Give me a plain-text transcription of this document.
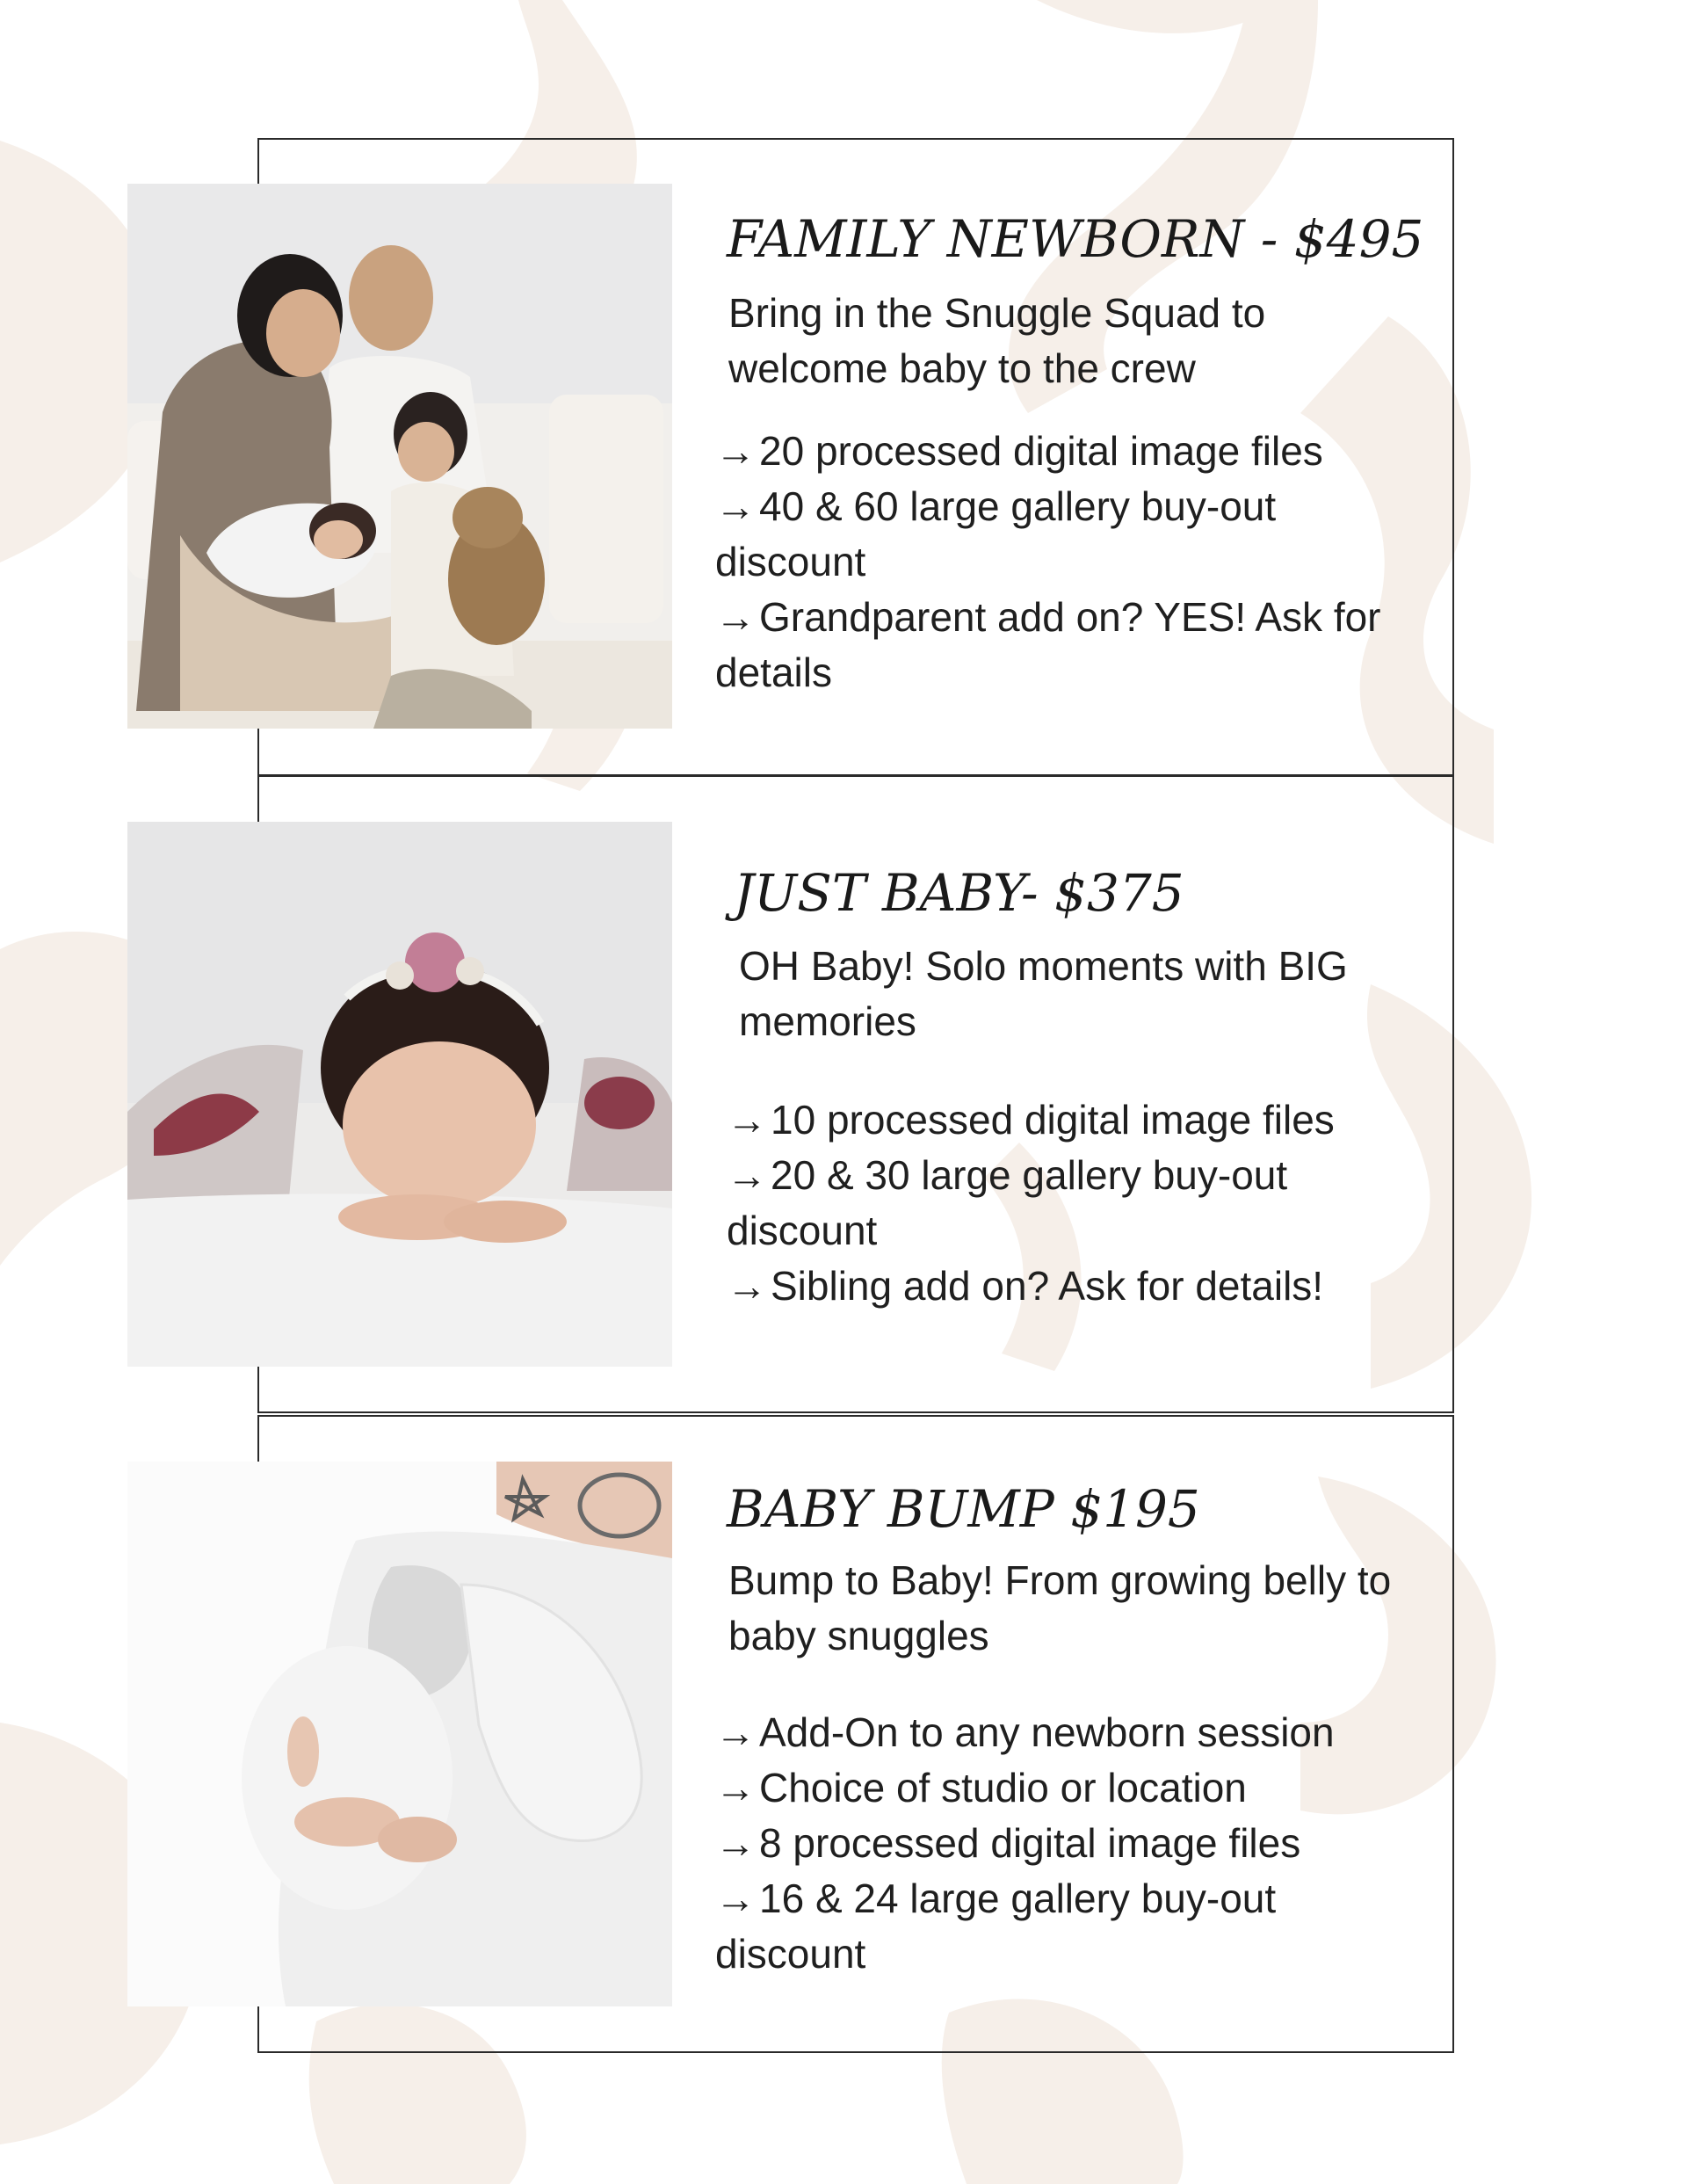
FAMILY NEWBORN - $495

Bring in the Snuggle Squad to welcome baby to the crew

→20 processed digital image files
→40 & 60 large gallery buy-out discount
→Grandparent add on? YES! Ask for details
JUST BABY- $375

OH Baby! Solo moments with BIG memories

→10 processed digital image files
→20 & 30 large gallery buy-out discount
→Sibling add on? Ask for details!
BABY BUMP $195

Bump to Baby! From growing belly to baby snuggles

→Add-On to any newborn session
→Choice of studio or location
→8 processed digital image files
→16 & 24 large gallery buy-out discount
